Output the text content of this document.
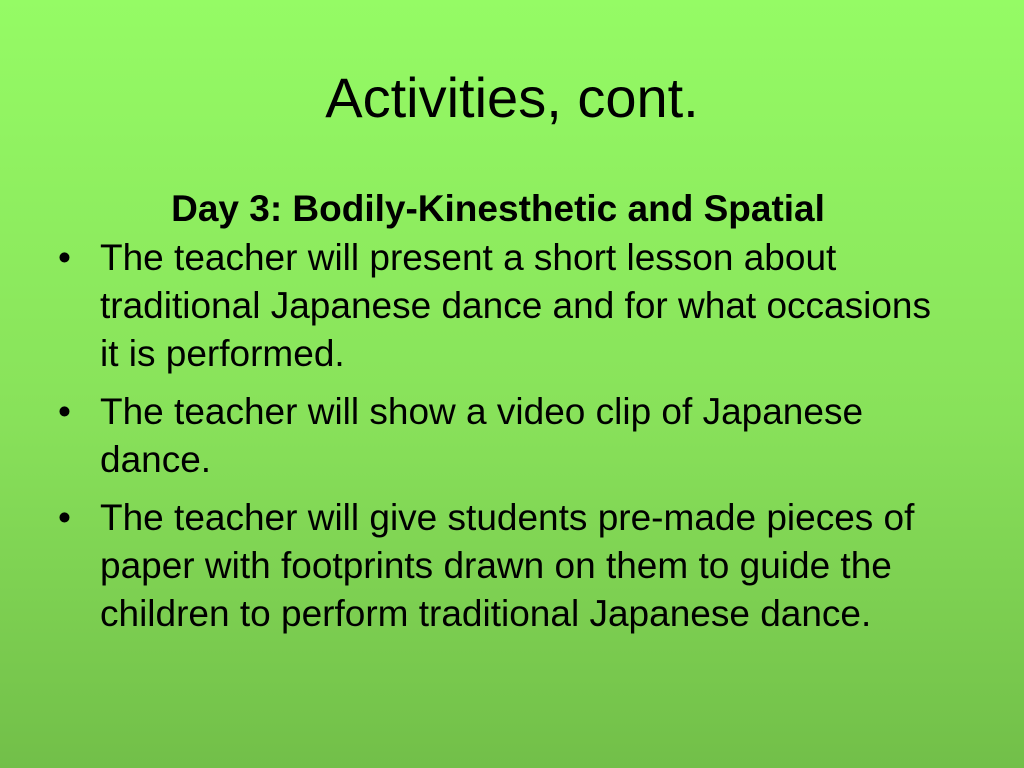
Activities, cont.
Day 3: Bodily-Kinesthetic and Spatial
• The teacher will present a short lesson about traditional Japanese dance and for what occasions it is performed.
• The teacher will show a video clip of Japanese dance.
• The teacher will give students pre-made pieces of paper with footprints drawn on them to guide the children to perform traditional Japanese dance.
